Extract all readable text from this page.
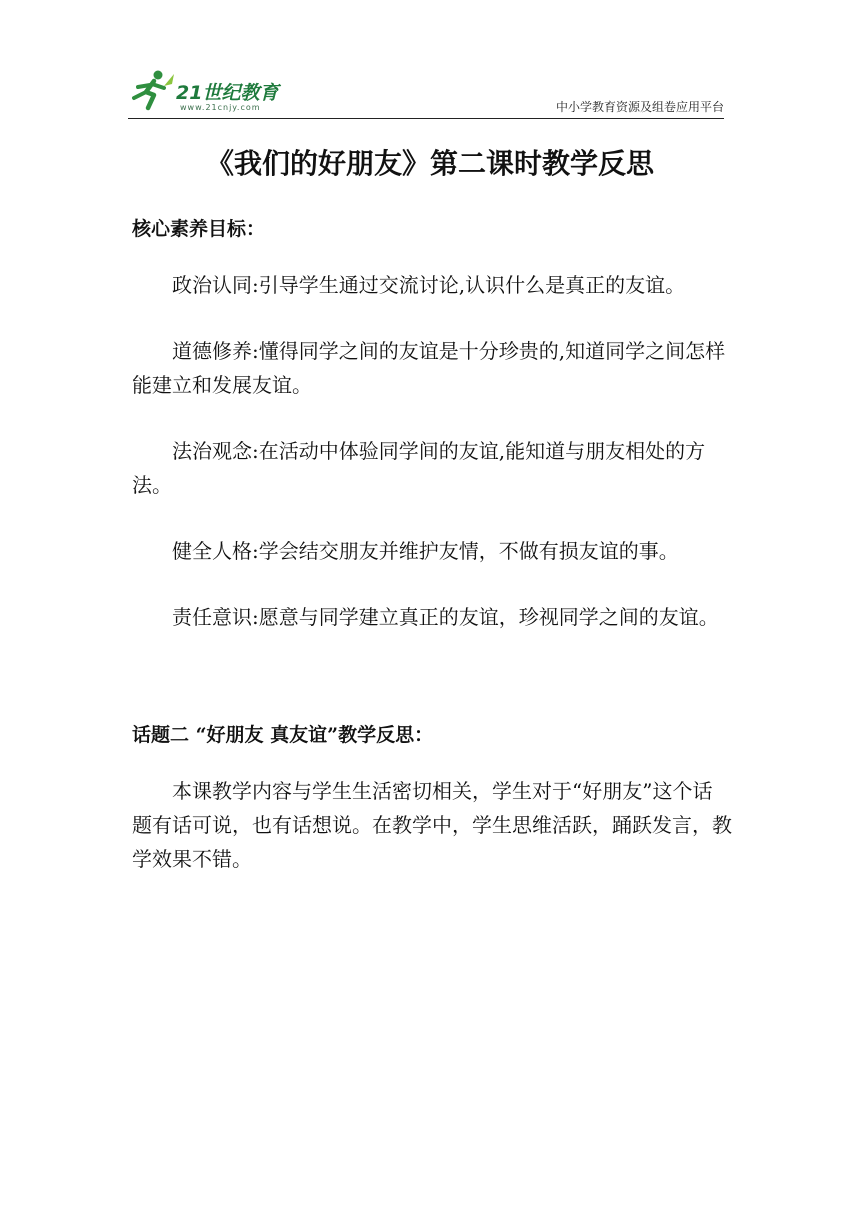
21世纪教育
www.21cnjy.com	中小学教育资源及组卷应用平台
《我们的好朋友》第二课时教学反思

核心素养目标：

政治认同:引导学生通过交流讨论,认识什么是真正的友谊。

道德修养:懂得同学之间的友谊是十分珍贵的,知道同学之间怎样能建立和发展友谊。

法治观念:在活动中体验同学间的友谊,能知道与朋友相处的方法。

健全人格:学会结交朋友并维护友情，不做有损友谊的事。

责任意识:愿意与同学建立真正的友谊，珍视同学之间的友谊。

话题二 “好朋友 真友谊”教学反思：

本课教学内容与学生生活密切相关，学生对于“好朋友”这个话题有话可说，也有话想说。在教学中，学生思维活跃，踊跃发言，教学效果不错。
